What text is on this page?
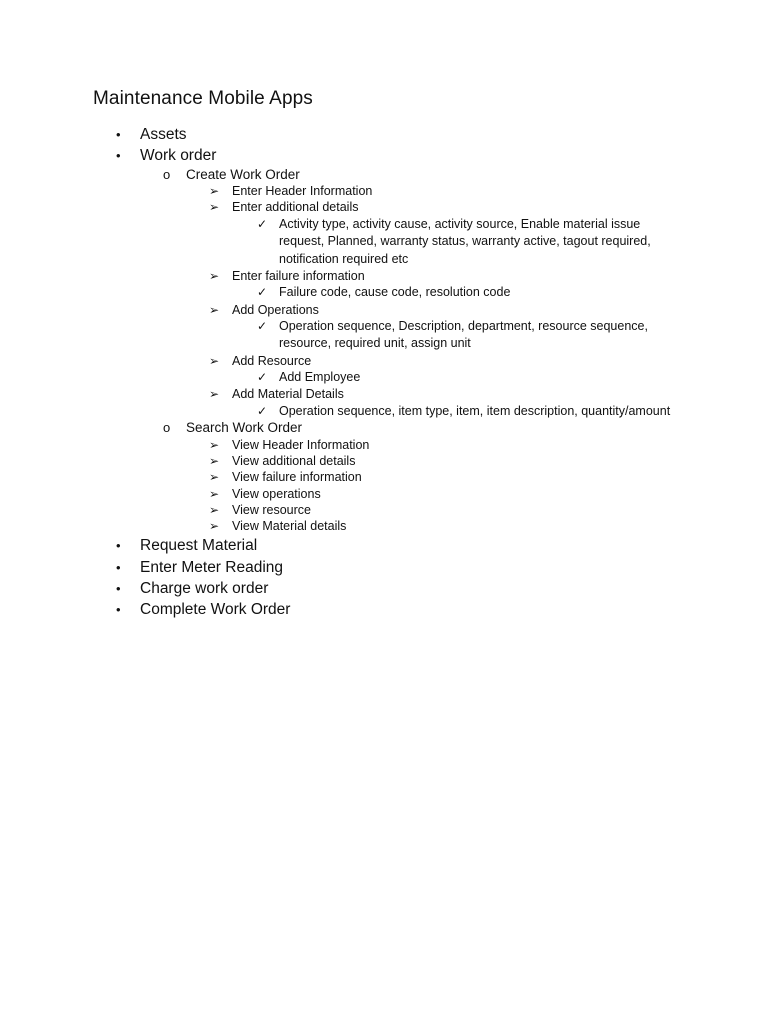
Maintenance Mobile Apps
• Assets
• Work order
o Create Work Order
➢ Enter Header Information
➢ Enter additional details
✓ Activity type, activity cause, activity source, Enable material issue request, Planned, warranty status, warranty active, tagout required, notification required etc
➢ Enter failure information
✓ Failure code, cause code, resolution code
➢ Add Operations
✓ Operation sequence, Description, department, resource sequence, resource, required unit, assign unit
➢ Add Resource
✓ Add Employee
➢ Add Material Details
✓ Operation sequence, item type, item, item description, quantity/amount
o Search Work Order
➢ View Header Information
➢ View additional details
➢ View failure information
➢ View operations
➢ View resource
➢ View Material details
• Request Material
• Enter Meter Reading
• Charge work order
• Complete Work Order
